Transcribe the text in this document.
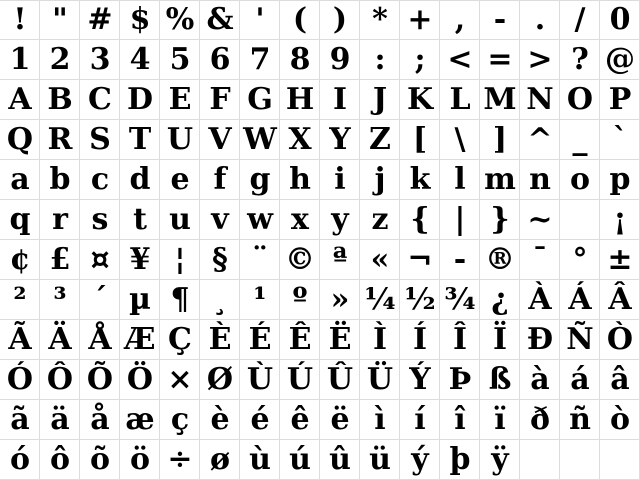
! " # $ % & ' ( ) * + , - . / 0
1 2 3 4 5 6 7 8 9 : ; < = > ? @
A B C D E F G H I J K L M N O P
Q R S T U V W X Y Z [ \ ] ^ _ `
a b c d e f g h i j k l m n o p
q r s t u v w x y z { | } ~	¡
¢ £ ¤ ¥ ¦ § ¨ © ª « ¬ - ® ¯ ° ±
² ³ ´ µ ¶ ¸ ¹ º » ¼ ½ ¾ ¿ À Á Â
Ã Ä Å Æ Ç È É Ê Ë Ì Í Î Ï Ð Ñ Ò
Ó Ô Õ Ö × Ø Ù Ú Û Ü Ý Þ ß à á â
ã ä å æ ç è é ê ë ì í î ï ð ñ ò
ó ô õ ö ÷ ø ù ú û ü ý þ ÿ
